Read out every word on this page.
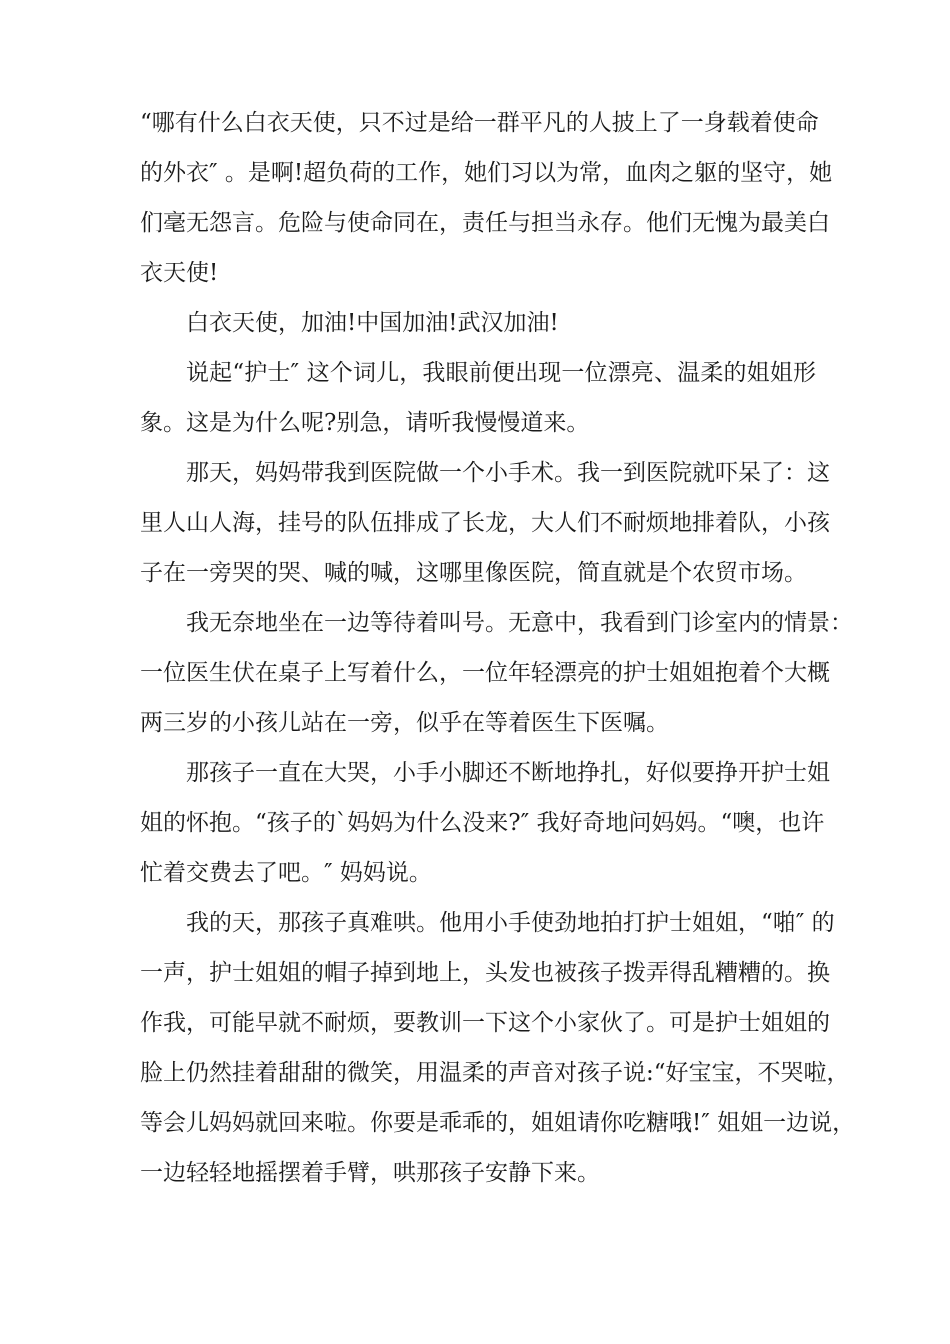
“哪有什么白衣天使，只不过是给一群平凡的人披上了一身载着使命
的外衣″ 。是啊!超负荷的工作，她们习以为常，血肉之躯的坚守，她
们毫无怨言。危险与使命同在，责任与担当永存。他们无愧为最美白
衣天使!
白衣天使，加油!中国加油!武汉加油!
说起“护士″ 这个词儿，我眼前便出现一位漂亮、温柔的姐姐形
象。这是为什么呢?别急，请听我慢慢道来。
那天，妈妈带我到医院做一个小手术。我一到医院就吓呆了：这
里人山人海，挂号的队伍排成了长龙，大人们不耐烦地排着队，小孩
子在一旁哭的哭、喊的喊，这哪里像医院，简直就是个农贸市场。
我无奈地坐在一边等待着叫号。无意中，我看到门诊室内的情景：
一位医生伏在桌子上写着什么，一位年轻漂亮的护士姐姐抱着个大概
两三岁的小孩儿站在一旁，似乎在等着医生下医嘱。
那孩子一直在大哭，小手小脚还不断地挣扎，好似要挣开护士姐
姐的怀抱。“孩子的`妈妈为什么没来?″ 我好奇地问妈妈。“噢，也许
忙着交费去了吧。″ 妈妈说。
我的天，那孩子真难哄。他用小手使劲地拍打护士姐姐，“啪″ 的
一声，护士姐姐的帽子掉到地上，头发也被孩子拨弄得乱糟糟的。换
作我，可能早就不耐烦，要教训一下这个小家伙了。可是护士姐姐的
脸上仍然挂着甜甜的微笑，用温柔的声音对孩子说:“好宝宝，不哭啦，
等会儿妈妈就回来啦。你要是乖乖的，姐姐请你吃糖哦!″ 姐姐一边说，
一边轻轻地摇摆着手臂，哄那孩子安静下来。
